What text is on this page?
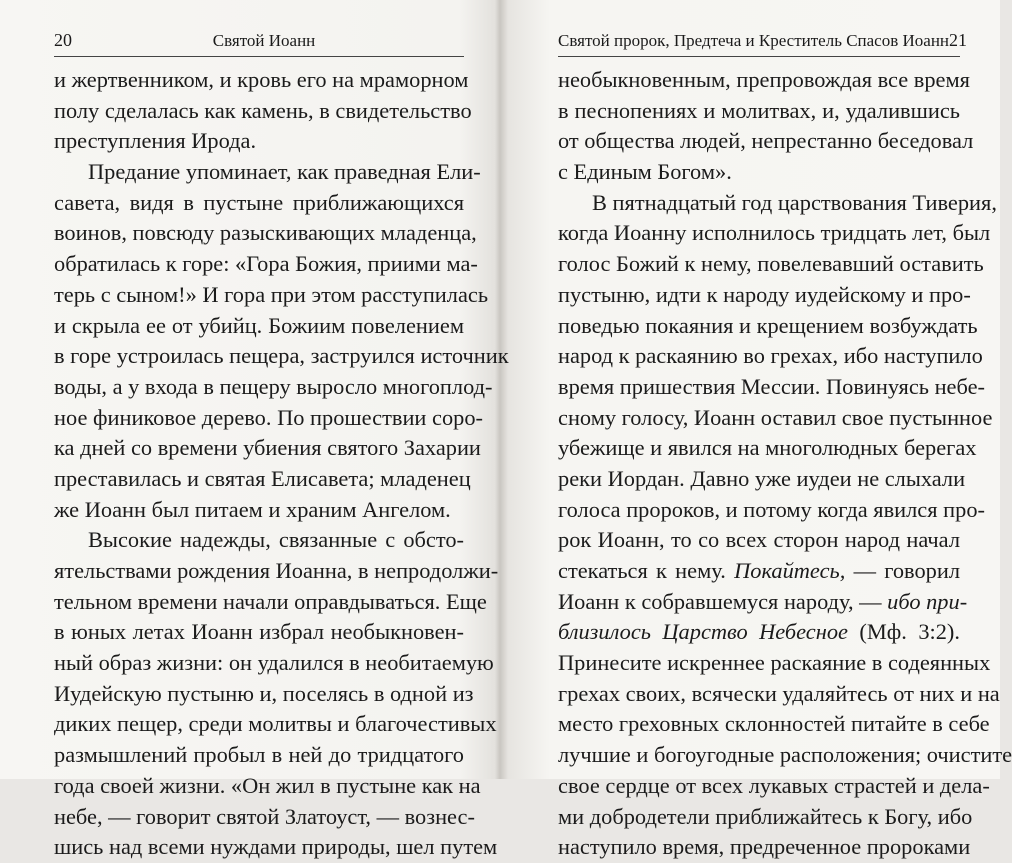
20	Святой Иоанн
и жертвенником, и кровь его на мраморном
полу сделалась как камень, в свидетельство
преступления Ирода.
Предание упоминает, как праведная Ели-
савета, видя в пустыне приближающихся
воинов, повсюду разыскивающих младенца,
обратилась к горе: «Гора Божия, приими ма-
терь с сыном!» И гора при этом расступилась
и скрыла ее от убийц. Божиим повелением
в горе устроилась пещера, заструился источник
воды, а у входа в пещеру выросло многоплод-
ное финиковое дерево. По прошествии соро-
ка дней со времени убиения святого Захарии
преставилась и святая Елисавета; младенец
же Иоанн был питаем и храним Ангелом.
Высокие надежды, связанные с обсто-
ятельствами рождения Иоанна, в непродолжи-
тельном времени начали оправдываться. Еще
в юных летах Иоанн избрал необыкновен-
ный образ жизни: он удалился в необитаемую
Иудейскую пустыню и, поселясь в одной из
диких пещер, среди молитвы и благочестивых
размышлений пробыл в ней до тридцатого
года своей жизни. «Он жил в пустыне как на
небе, — говорит святой Златоуст, — вознес-
шись над всеми нуждами природы, шел путем
Святой пророк, Предтеча и Креститель Спасов Иоанн 21
необыкновенным, препровождая все время
в песнопениях и молитвах, и, удалившись
от общества людей, непрестанно беседовал
с Единым Богом».
В пятнадцатый год царствования Тиверия,
когда Иоанну исполнилось тридцать лет, был
голос Божий к нему, повелевавший оставить
пустыню, идти к народу иудейскому и про-
поведью покаяния и крещением возбуждать
народ к раскаянию во грехах, ибо наступило
время пришествия Мессии. Повинуясь небе-
сному голосу, Иоанн оставил свое пустынное
убежище и явился на многолюдных берегах
реки Иордан. Давно уже иудеи не слыхали
голоса пророков, и потому когда явился про-
рок Иоанн, то со всех сторон народ начал
стекаться к нему. Покайтесь, — говорил
Иоанн к собравшемуся народу, — ибо при-
близилось Царство Небесное (Мф. 3:2).
Принесите искреннее раскаяние в содеянных
грехах своих, всячески удаляйтесь от них и на
место греховных склонностей питайте в себе
лучшие и богоугодные расположения; очистите
свое сердце от всех лукавых страстей и дела-
ми добродетели приближайтесь к Богу, ибо
наступило время, предреченное пророками
